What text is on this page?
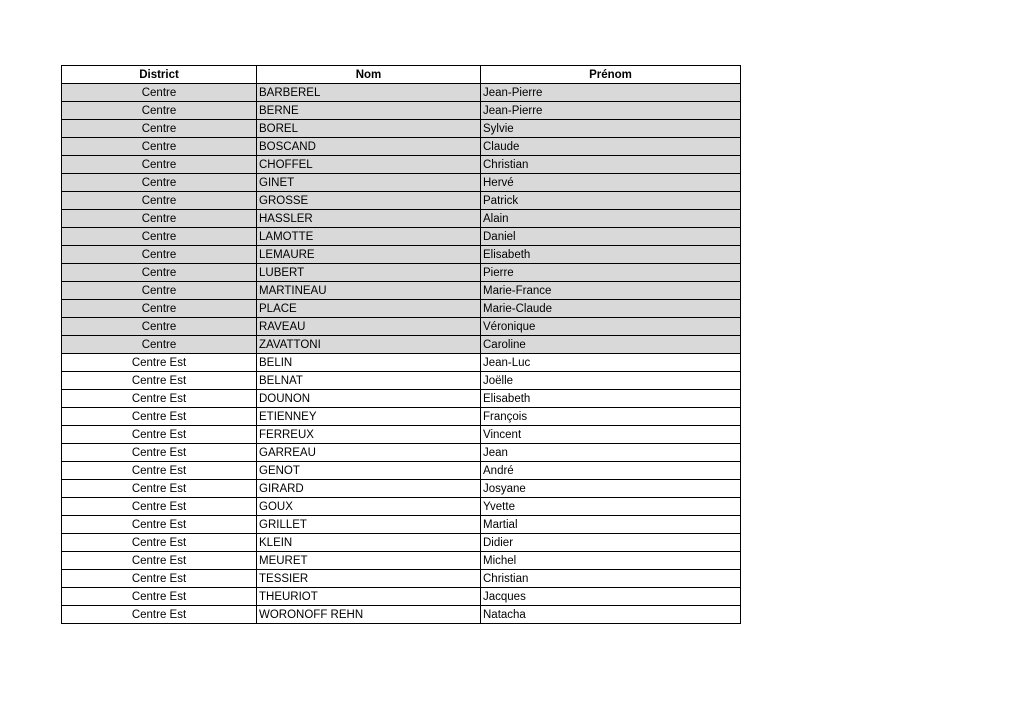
District	Nom	Prénom
Centre	BARBEREL	Jean-Pierre
Centre	BERNE	Jean-Pierre
Centre	BOREL	Sylvie
Centre	BOSCAND	Claude
Centre	CHOFFEL	Christian
Centre	GINET	Hervé
Centre	GROSSE	Patrick
Centre	HASSLER	Alain
Centre	LAMOTTE	Daniel
Centre	LEMAURE	Elisabeth
Centre	LUBERT	Pierre
Centre	MARTINEAU	Marie-France
Centre	PLACE	Marie-Claude
Centre	RAVEAU	Véronique
Centre	ZAVATTONI	Caroline
Centre Est	BELIN	Jean-Luc
Centre Est	BELNAT	Joëlle
Centre Est	DOUNON	Elisabeth
Centre Est	ETIENNEY	François
Centre Est	FERREUX	Vincent
Centre Est	GARREAU	Jean
Centre Est	GENOT	André
Centre Est	GIRARD	Josyane
Centre Est	GOUX	Yvette
Centre Est	GRILLET	Martial
Centre Est	KLEIN	Didier
Centre Est	MEURET	Michel
Centre Est	TESSIER	Christian
Centre Est	THEURIOT	Jacques
Centre Est	WORONOFF REHN	Natacha
